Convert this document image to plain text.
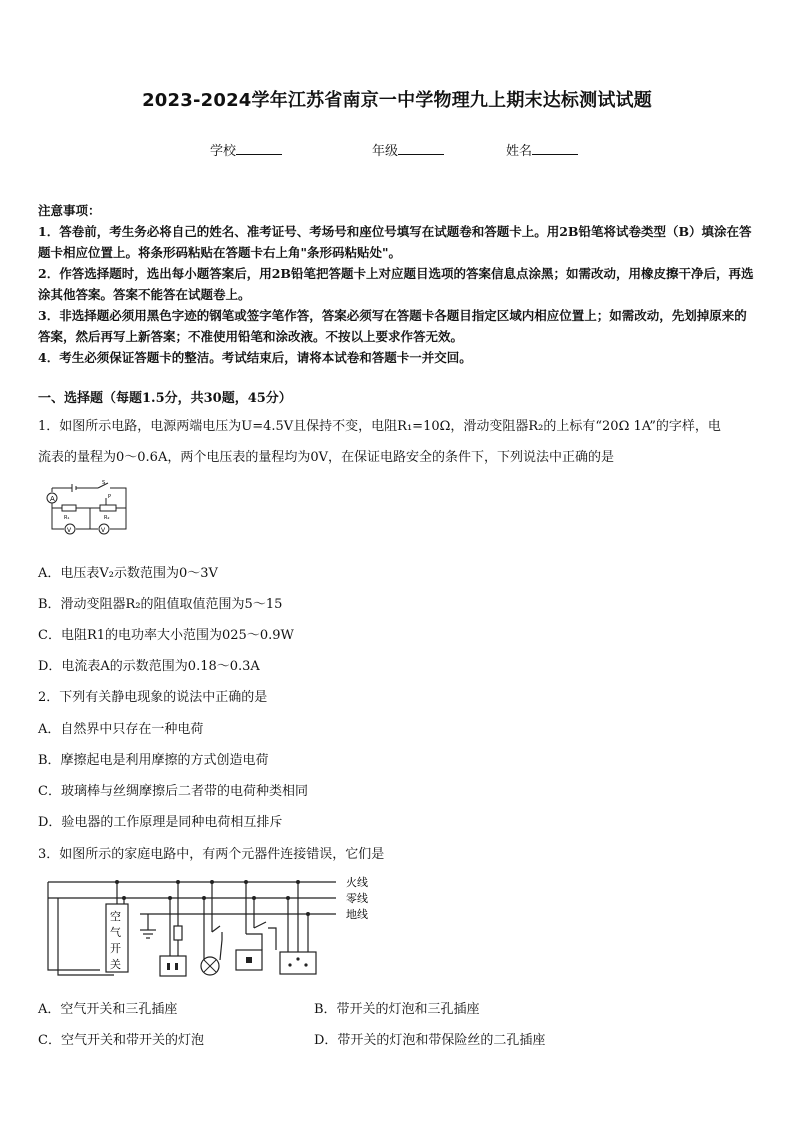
2023-2024学年江苏省南京一中学物理九上期末达标测试试题
学校	年级	姓名

注意事项：

1．答卷前，考生务必将自己的姓名、准考证号、考场号和座位号填写在试题卷和答题卡上。用2B铅笔将试卷类型（B）填涂在答题卡相应位置上。将条形码粘贴在答题卡右上角"条形码粘贴处"。

2．作答选择题时，选出每小题答案后，用2B铅笔把答题卡上对应题目选项的答案信息点涂黑；如需改动，用橡皮擦干净后，再选涂其他答案。答案不能答在试题卷上。

3．非选择题必须用黑色字迹的钢笔或签字笔作答，答案必须写在答题卡各题目指定区域内相应位置上；如需改动，先划掉原来的答案，然后再写上新答案；不准使用铅笔和涂改液。不按以上要求作答无效。

4．考生必须保证答题卡的整洁。考试结束后，请将本试卷和答题卡一并交回。

一、选择题（每题1.5分，共30题，45分）
1．如图所示电路，电源两端电压为U=4.5V且保持不变，电阻R₁=10Ω，滑动变阻器R₂的上标有“20Ω 1A”的字样，电
流表的量程为0～0.6A，两个电压表的量程均为0V，在保证电路安全的条件下，下列说法中正确的是
A
R₁	R₂
V	V
P
S
A．电压表V₂示数范围为0～3V
B．滑动变阻器R₂的阻值取值范围为5～15
C．电阻R1的电功率大小范围为025～0.9W
D．电流表A的示数范围为0.18～0.3A
2．下列有关静电现象的说法中正确的是
A．自然界中只存在一种电荷
B．摩擦起电是利用摩擦的方式创造电荷
C．玻璃棒与丝绸摩擦后二者带的电荷种类相同
D．验电器的工作原理是同种电荷相互排斥
3．如图所示的家庭电路中，有两个元器件连接错误，它们是
火线
零线
地线
空
气
开
关
A．空气开关和三孔插座	B．带开关的灯泡和三孔插座
C．空气开关和带开关的灯泡	D．带开关的灯泡和带保险丝的二孔插座
